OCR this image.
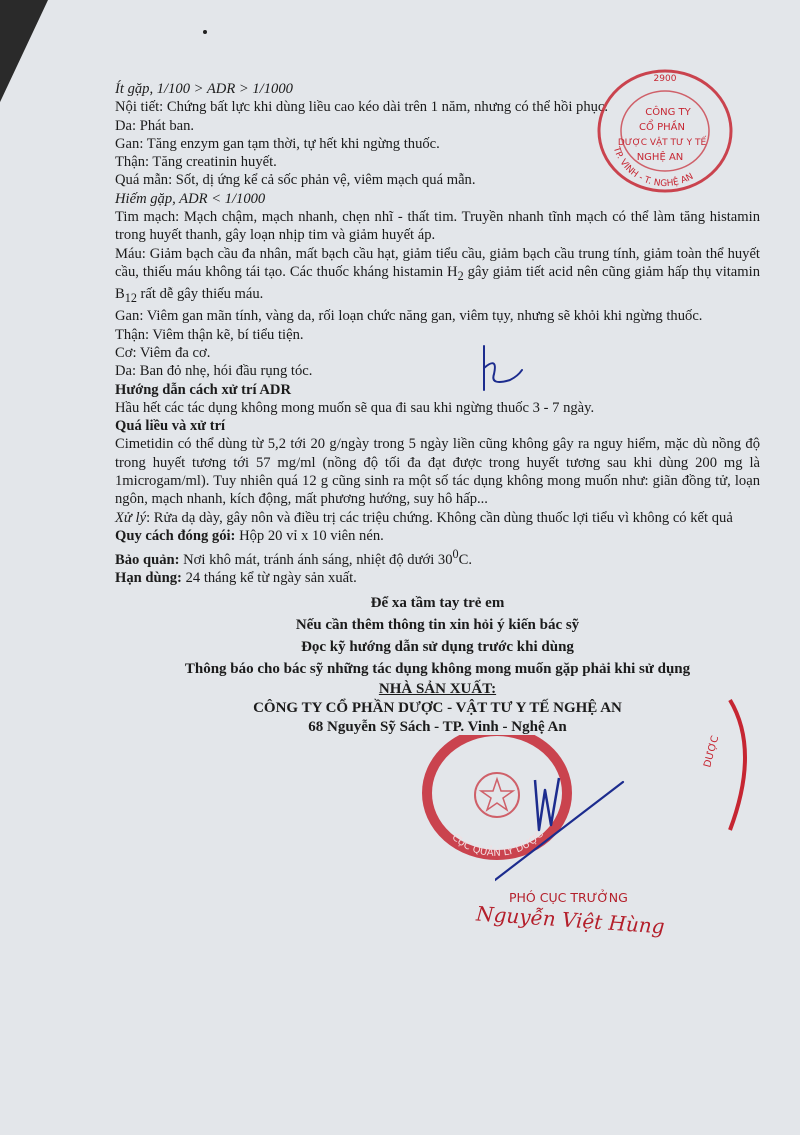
Ít gặp, 1/100 > ADR > 1/1000

Nội tiết: Chứng bất lực khi dùng liều cao kéo dài trên 1 năm, nhưng có thể hồi phục.

Da: Phát ban.

Gan: Tăng enzym gan tạm thời, tự hết khi ngừng thuốc.

Thận: Tăng creatinin huyết.

Quá mẫn: Sốt, dị ứng kể cả sốc phản vệ, viêm mạch quá mẫn.

Hiếm gặp, ADR < 1/1000

Tim mạch: Mạch chậm, mạch nhanh, chẹn nhĩ - thất tim. Truyền nhanh tĩnh mạch có thể làm tăng histamin trong huyết thanh, gây loạn nhịp tim và giảm huyết áp.

Máu: Giảm bạch cầu đa nhân, mất bạch cầu hạt, giảm tiểu cầu, giảm bạch cầu trung tính, giảm toàn thể huyết cầu, thiếu máu không tái tạo. Các thuốc kháng histamin $H_2$ gây giảm tiết acid nên cũng giảm hấp thụ vitamin $B_{12}$ rất dễ gây thiếu máu.

Gan: Viêm gan mãn tính, vàng da, rối loạn chức năng gan, viêm tụy, nhưng sẽ khỏi khi ngừng thuốc.

Thận: Viêm thận kẽ, bí tiểu tiện.

Cơ: Viêm đa cơ.

Da: Ban đỏ nhẹ, hói đầu rụng tóc.

Hướng dẫn cách xử trí ADR

Hầu hết các tác dụng không mong muốn sẽ qua đi sau khi ngừng thuốc 3 - 7 ngày.

Quá liều và xử trí

Cimetidin có thể dùng từ 5,2 tới 20 g/ngày trong 5 ngày liền cũng không gây ra nguy hiểm, mặc dù nồng độ trong huyết tương tới 57 mg/ml (nồng độ tối đa đạt được trong huyết tương sau khi dùng 200 mg là 1microgam/ml). Tuy nhiên quá 12 g cũng sinh ra một số tác dụng không mong muốn như: giãn đồng tử, loạn ngôn, mạch nhanh, kích động, mất phương hướng, suy hô hấp...

Xử lý: Rửa dạ dày, gây nôn và điều trị các triệu chứng. Không cần dùng thuốc lợi tiểu vì không có kết quả

Quy cách đóng gói: Hộp 20 vỉ x 10 viên nén.

Bảo quản: Nơi khô mát, tránh ánh sáng, nhiệt độ dưới $30^0C$.

Hạn dùng: 24 tháng kể từ ngày sản xuất.

Để xa tầm tay trẻ em

Nếu cần thêm thông tin xin hỏi ý kiến bác sỹ

Đọc kỹ hướng dẫn sử dụng trước khi dùng

Thông báo cho bác sỹ những tác dụng không mong muốn gặp phải khi sử dụng

NHÀ SẢN XUẤT:

CÔNG TY CỔ PHẦN DƯỢC - VẬT TƯ Y TẾ NGHỆ AN

68 Nguyễn Sỹ Sách - TP. Vinh - Nghệ An

2900
CÔNG TY
CỔ PHẦN
DƯỢC VẬT TƯ Y TẾ
NGHỆ AN
TP. VINH - T. NGHỆ AN
DƯỢC
CỤC QUẢN LÝ DƯỢC
PHÓ CỤC TRƯỞNG
Nguyễn Việt Hùng
